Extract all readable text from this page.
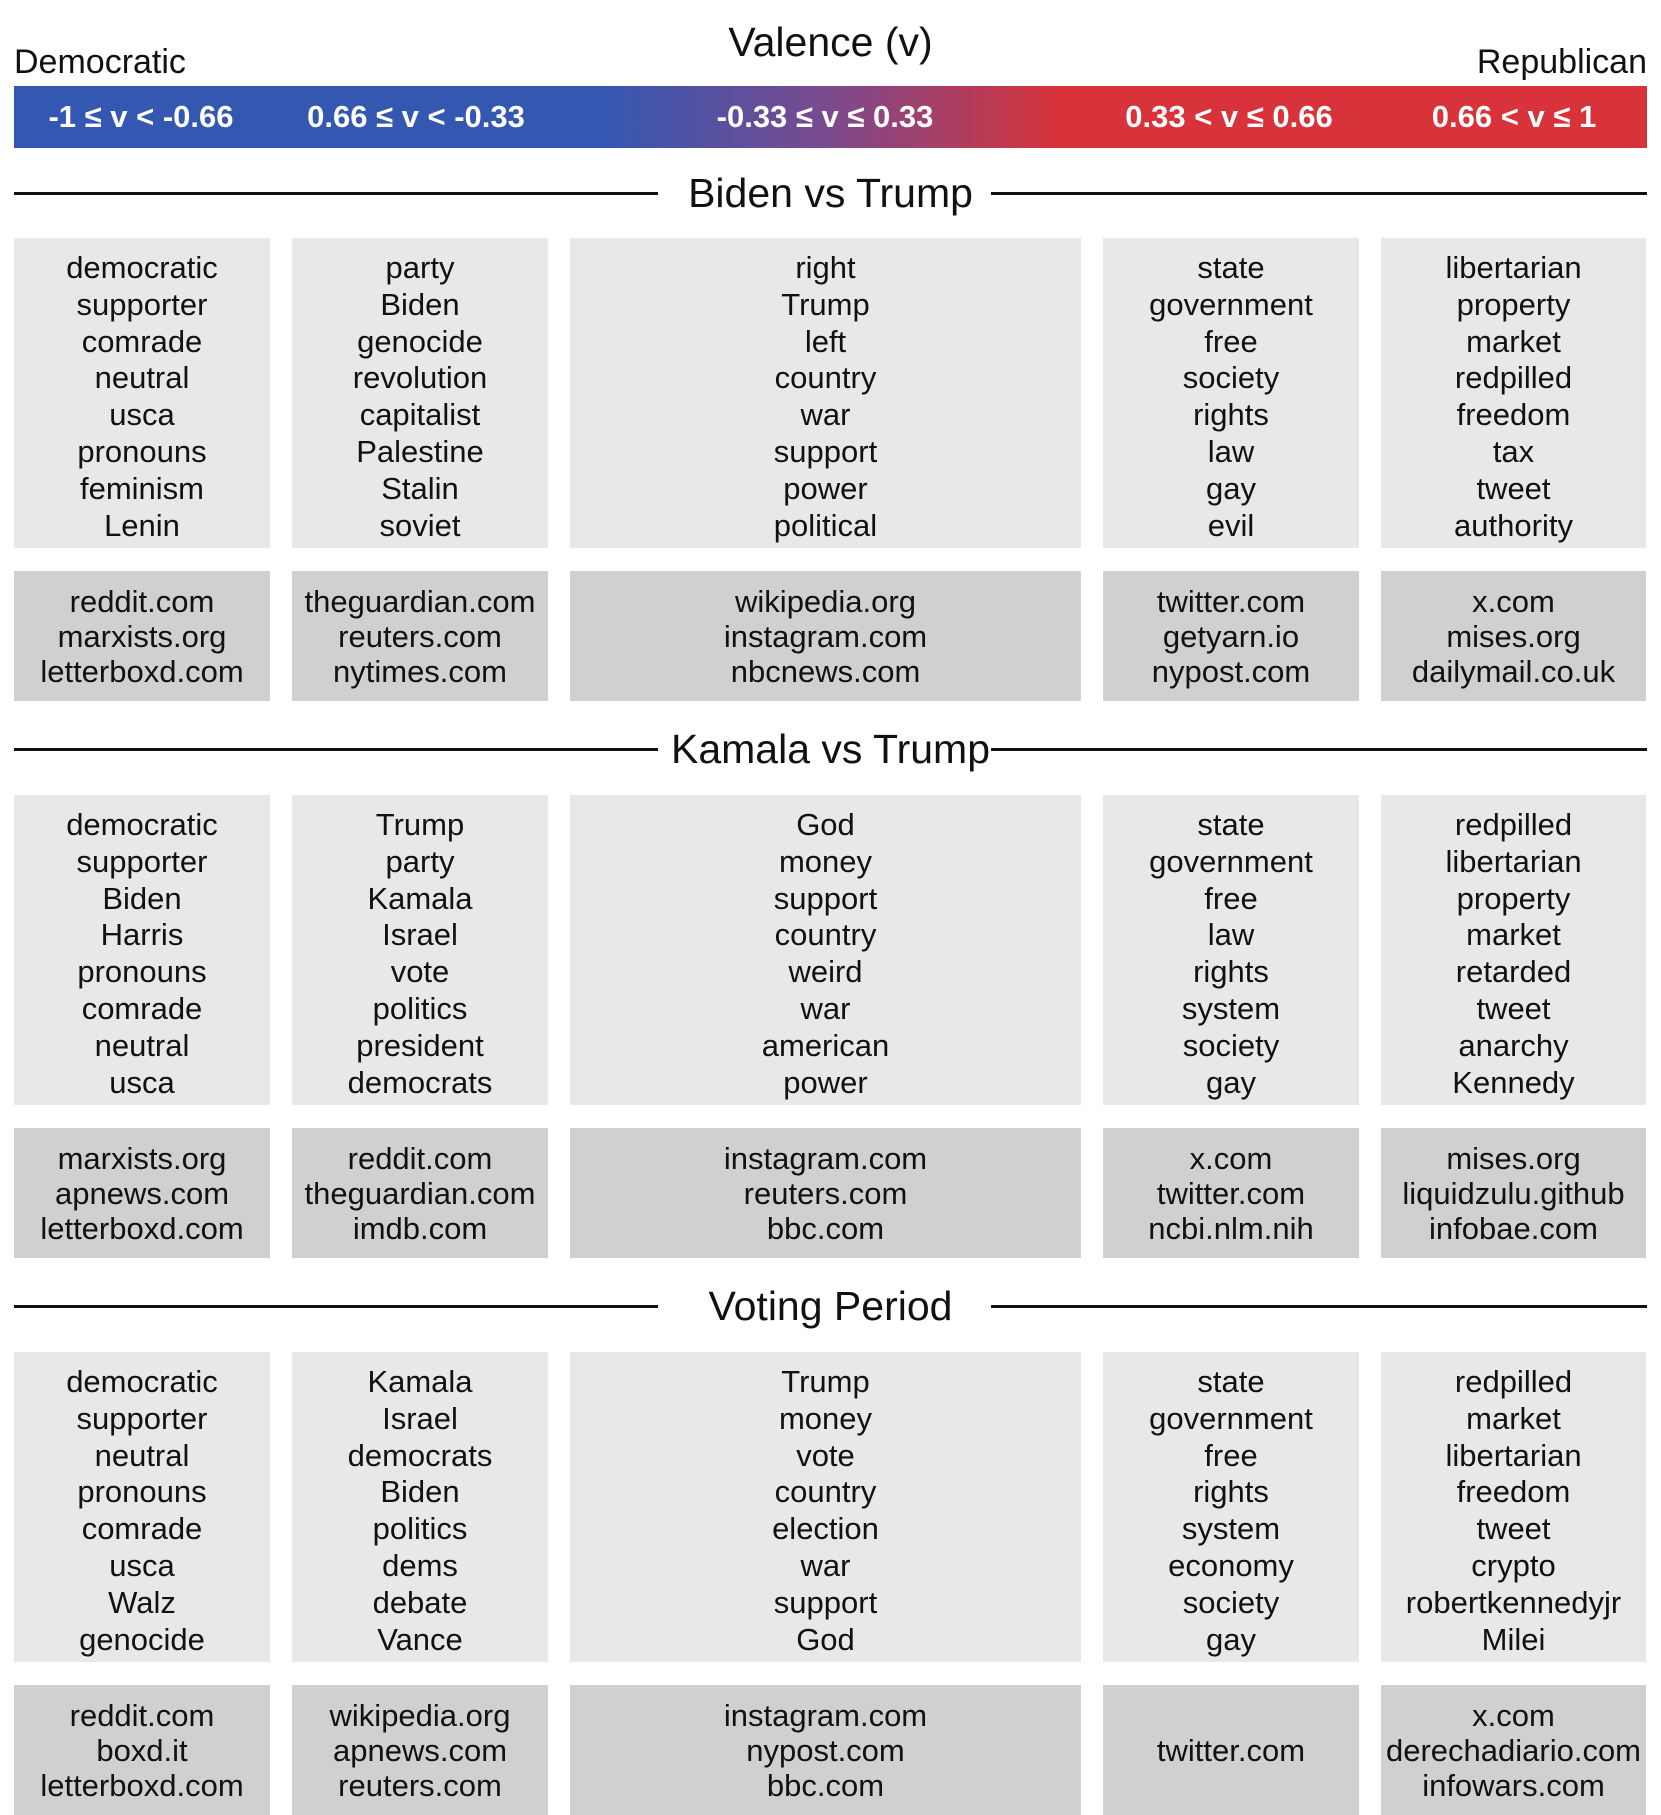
Valence (v)
Democratic	Republican
-1 ≤ v < -0.66	0.66 ≤ v < -0.33	-0.33 ≤ v ≤ 0.33	0.33 < v ≤ 0.66	0.66 < v ≤ 1
Biden vs Trump
democratic
supporter
comrade
neutral
usca
pronouns
feminism
Lenin
party
Biden
genocide
revolution
capitalist
Palestine
Stalin
soviet
right
Trump
left
country
war
support
power
political
state
government
free
society
rights
law
gay
evil
libertarian
property
market
redpilled
freedom
tax
tweet
authority
reddit.com
marxists.org
letterboxd.com
theguardian.com
reuters.com
nytimes.com
wikipedia.org
instagram.com
nbcnews.com
twitter.com
getyarn.io
nypost.com
x.com
mises.org
dailymail.co.uk
Kamala vs Trump
democratic
supporter
Biden
Harris
pronouns
comrade
neutral
usca
Trump
party
Kamala
Israel
vote
politics
president
democrats
God
money
support
country
weird
war
american
power
state
government
free
law
rights
system
society
gay
redpilled
libertarian
property
market
retarded
tweet
anarchy
Kennedy
marxists.org
apnews.com
letterboxd.com
reddit.com
theguardian.com
imdb.com
instagram.com
reuters.com
bbc.com
x.com
twitter.com
ncbi.nlm.nih
mises.org
liquidzulu.github
infobae.com
Voting Period
democratic
supporter
neutral
pronouns
comrade
usca
Walz
genocide
Kamala
Israel
democrats
Biden
politics
dems
debate
Vance
Trump
money
vote
country
election
war
support
God
state
government
free
rights
system
economy
society
gay
redpilled
market
libertarian
freedom
tweet
crypto
robertkennedyjr
Milei
reddit.com
boxd.it
letterboxd.com
wikipedia.org
apnews.com
reuters.com
instagram.com
nypost.com
bbc.com
twitter.com
x.com
derechadiario.com
infowars.com
